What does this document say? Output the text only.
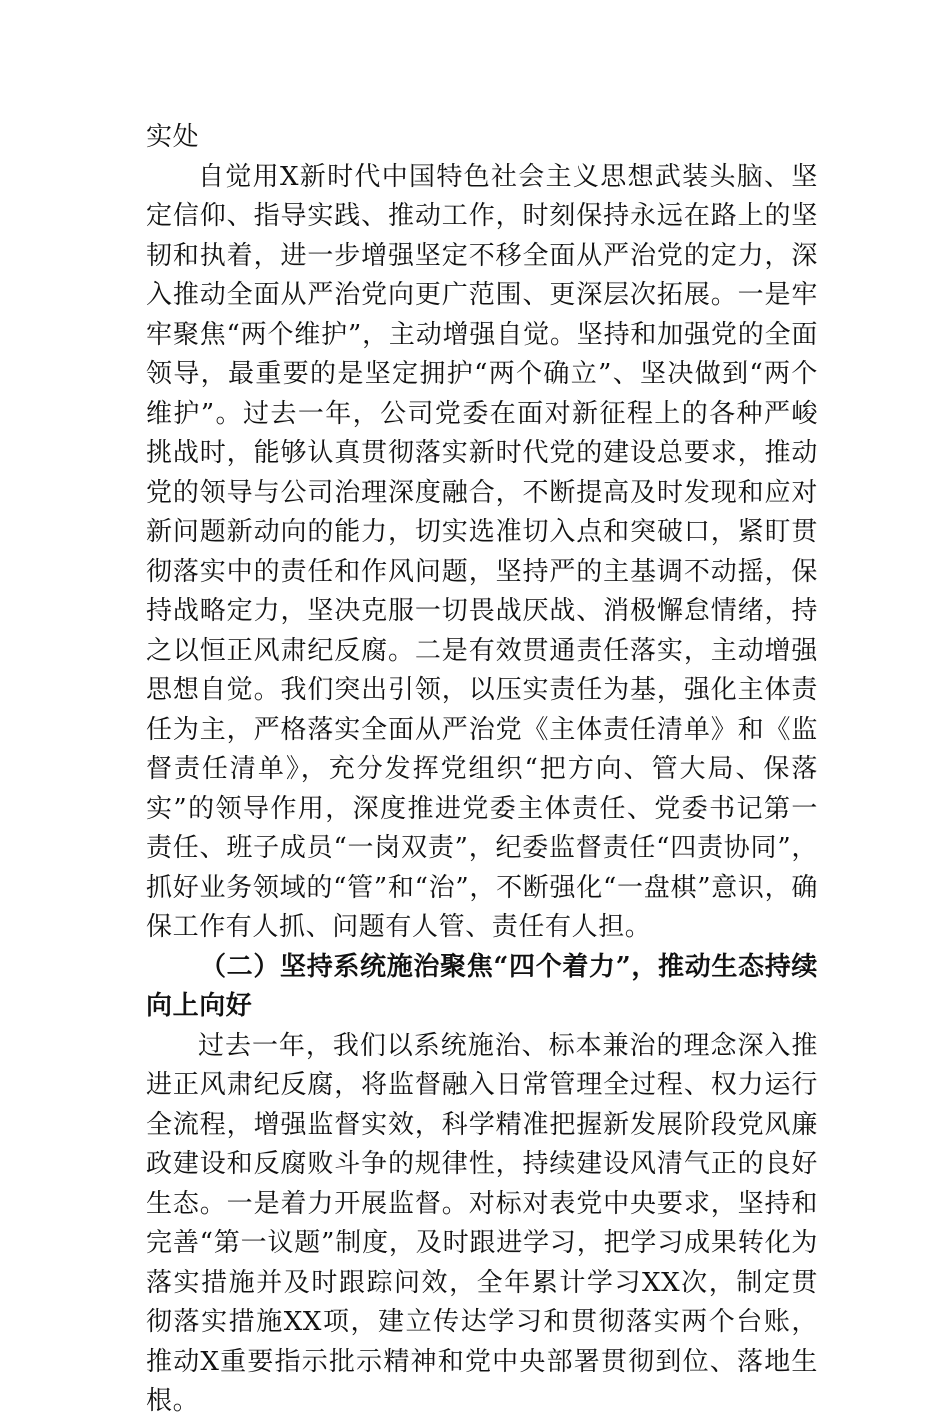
实处

自觉用X新时代中国特色社会主义思想武装头脑、坚定信仰、指导实践、推动工作，时刻保持永远在路上的坚韧和执着，进一步增强坚定不移全面从严治党的定力，深入推动全面从严治党向更广范围、更深层次拓展。一是牢牢聚焦“两个维护”，主动增强自觉。坚持和加强党的全面领导，最重要的是坚定拥护“两个确立”、坚决做到“两个维护”。过去一年，公司党委在面对新征程上的各种严峻挑战时，能够认真贯彻落实新时代党的建设总要求，推动党的领导与公司治理深度融合，不断提高及时发现和应对新问题新动向的能力，切实选准切入点和突破口，紧盯贯彻落实中的责任和作风问题，坚持严的主基调不动摇，保持战略定力，坚决克服一切畏战厌战、消极懈怠情绪，持之以恒正风肃纪反腐。二是有效贯通责任落实，主动增强思想自觉。我们突出引领，以压实责任为基，强化主体责任为主，严格落实全面从严治党《主体责任清单》和《监督责任清单》，充分发挥党组织“把方向、管大局、保落实”的领导作用，深度推进党委主体责任、党委书记第一责任、班子成员“一岗双责”，纪委监督责任“四责协同”，抓好业务领域的“管”和“治”，不断强化“一盘棋”意识，确保工作有人抓、问题有人管、责任有人担。

（二）坚持系统施治聚焦“四个着力”，推动生态持续向上向好

过去一年，我们以系统施治、标本兼治的理念深入推进正风肃纪反腐，将监督融入日常管理全过程、权力运行全流程，增强监督实效，科学精准把握新发展阶段党风廉政建设和反腐败斗争的规律性，持续建设风清气正的良好生态。一是着力开展监督。对标对表党中央要求，坚持和完善“第一议题”制度，及时跟进学习，把学习成果转化为落实措施并及时跟踪问效，全年累计学习XX次，制定贯彻落实措施XX项，建立传达学习和贯彻落实两个台账，推动X重要指示批示精神和党中央部署贯彻到位、落地生根。
